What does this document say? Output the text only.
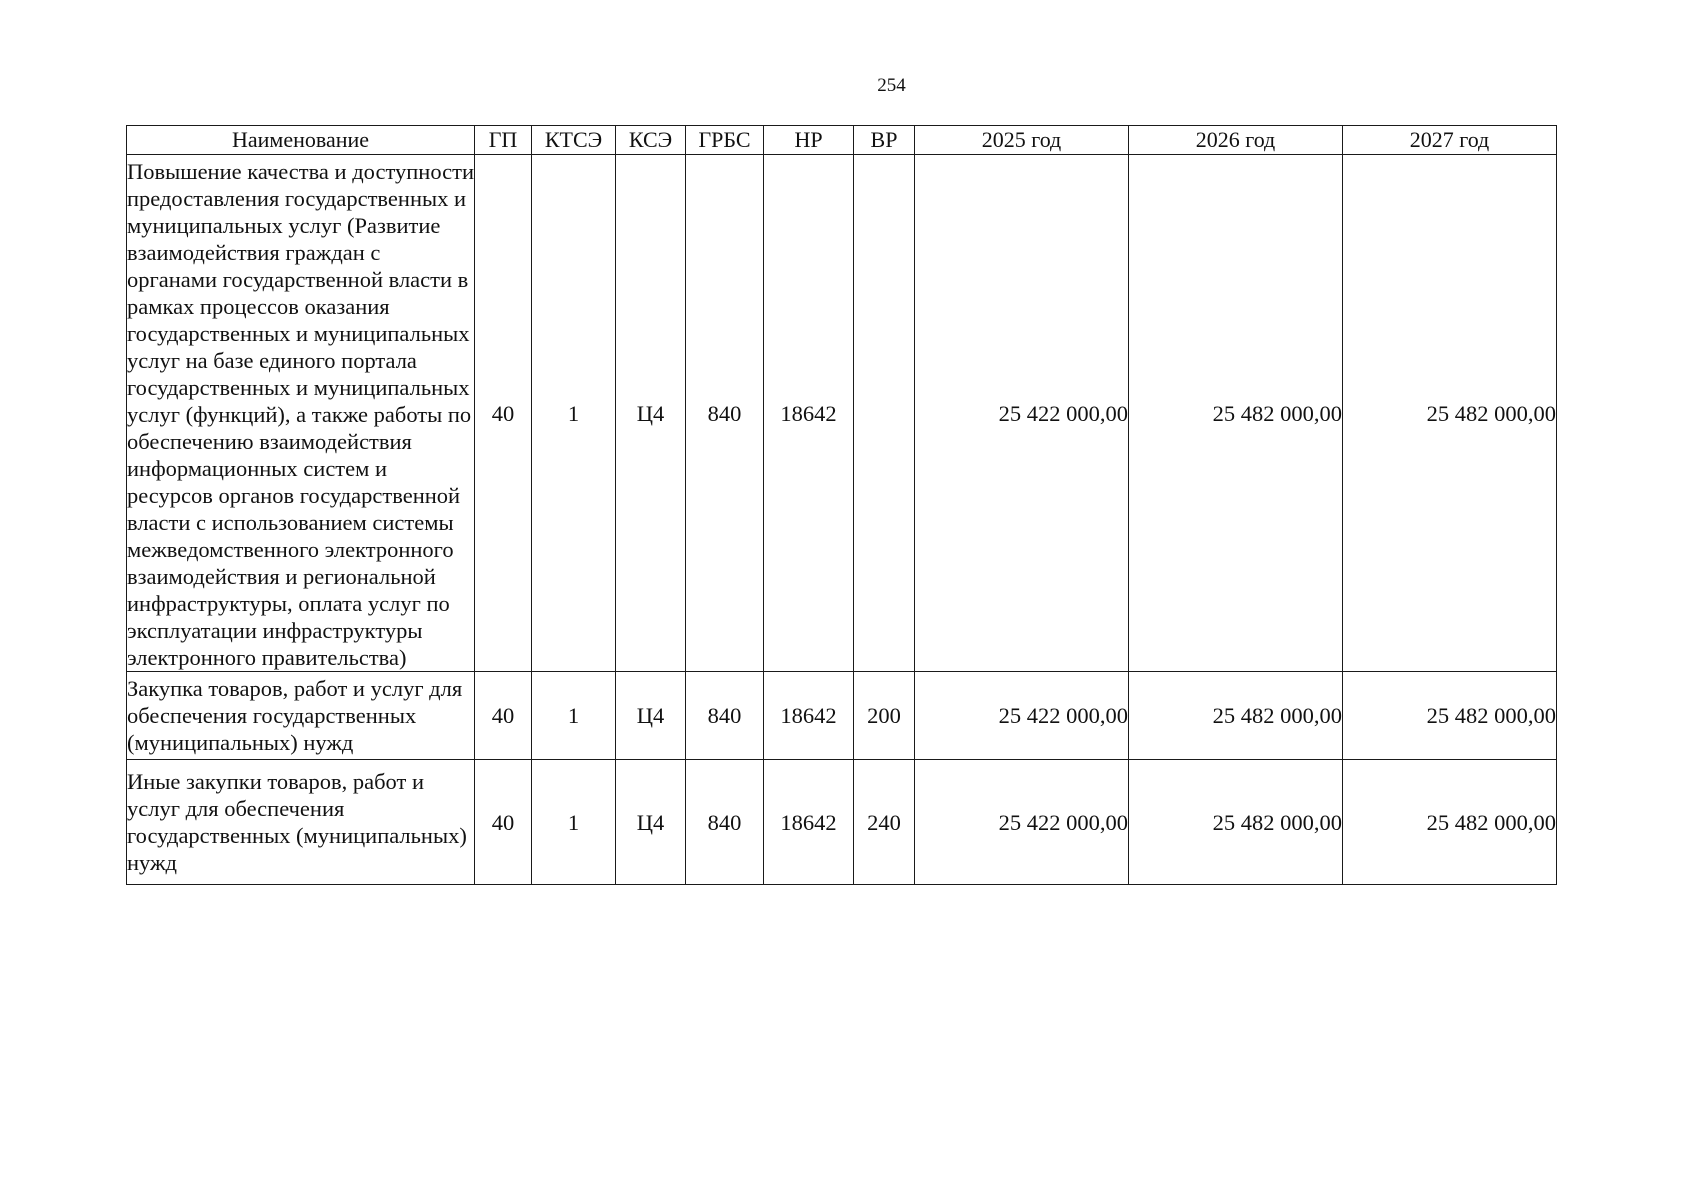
254
Наименование	ГП	КТСЭ	КСЭ	ГРБС	НР	ВР	2025 год	2026 год	2027 год
Повышение качества и доступности предоставления государственных и муниципальных услуг (Развитие взаимодействия граждан с органами государственной власти в рамках процессов оказания государственных и муниципальных услуг на базе единого портала государственных и муниципальных услуг (функций), а также работы по обеспечению взаимодействия информационных систем и ресурсов органов государственной власти с использованием системы межведомственного электронного взаимодействия и региональной инфраструктуры, оплата услуг по эксплуатации инфраструктуры электронного правительства)	40	1	Ц4	840	18642		25 422 000,00	25 482 000,00	25 482 000,00
Закупка товаров, работ и услуг для обеспечения государственных (муниципальных) нужд	40	1	Ц4	840	18642	200	25 422 000,00	25 482 000,00	25 482 000,00
Иные закупки товаров, работ и услуг для обеспечения государственных (муниципальных) нужд	40	1	Ц4	840	18642	240	25 422 000,00	25 482 000,00	25 482 000,00
